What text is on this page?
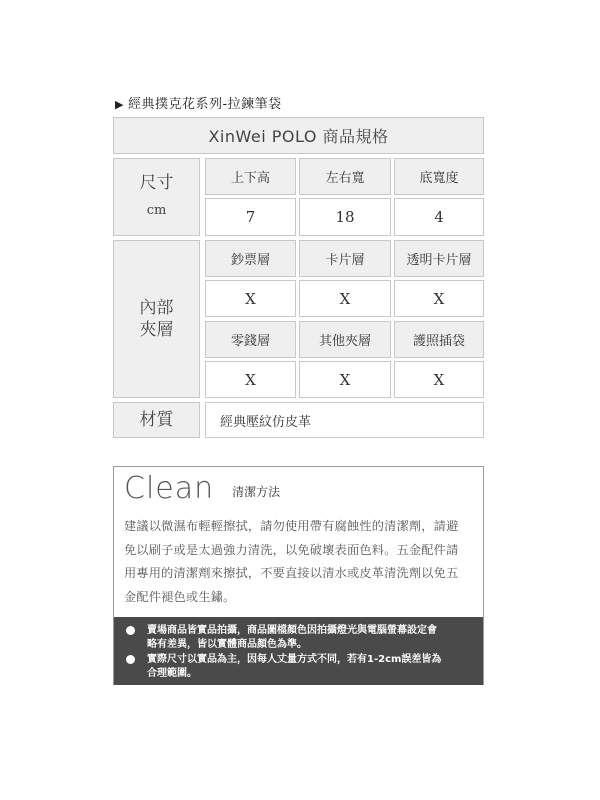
▶ 經典撲克花系列-拉鍊筆袋
XinWei POLO 商品規格
尺寸
cm
上下高	左右寬	底寬度
7	18	4
內部
夾層
鈔票層	卡片層	透明卡片層
X	X	X
零錢層	其他夾層	護照插袋
X	X	X
材質	經典壓紋仿皮革
Clean 清潔方法
建議以微濕布輕輕擦拭，請勿使用帶有腐蝕性的清潔劑，請避
免以刷子或是太過強力清洗，以免破壞表面色料。五金配件請
用專用的清潔劑來擦拭，不要直接以清水或皮革清洗劑以免五
金配件褪色或生鏽。
賣場商品皆實品拍攝，商品圖檔顏色因拍攝燈光與電腦螢幕設定會
略有差異，皆以實體商品顏色為準。
實際尺寸以實品為主，因每人丈量方式不同，若有1-2cm誤差皆為
合理範圍。
